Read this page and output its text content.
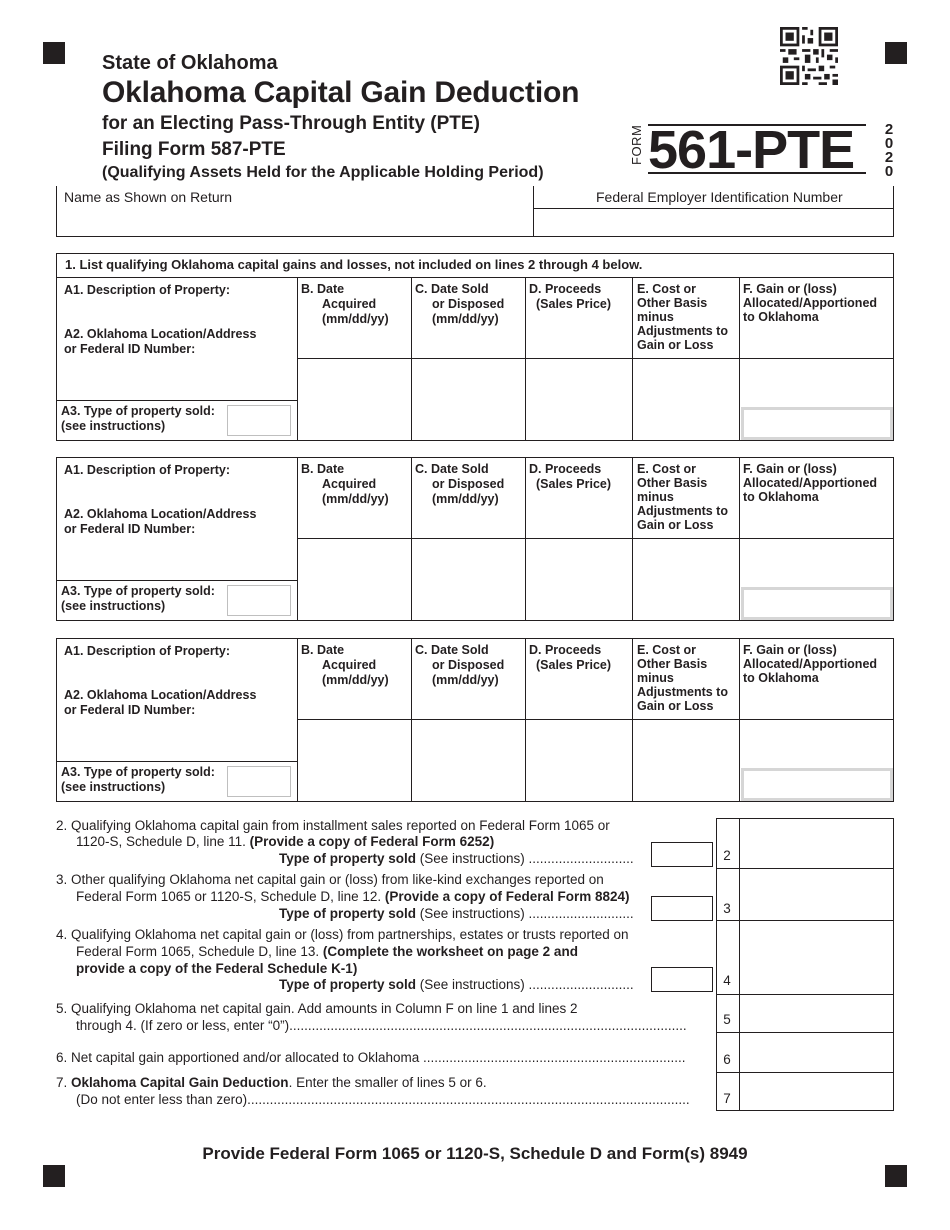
State of Oklahoma
Oklahoma Capital Gain Deduction
for an Electing Pass-Through Entity (PTE)
Filing Form 587-PTE
(Qualifying Assets Held for the Applicable Holding Period)
FORM 561-PTE 2
0
2
0
Name as Shown on Return	Federal Employer Identification Number
1. List qualifying Oklahoma capital gains and losses, not included on lines 2 through 4 below.
A1. Description of Property:
A2. Oklahoma Location/Address
or Federal ID Number:
A3. Type of property sold:
(see instructions)
B. Date
Acquired
(mm/dd/yy)
C. Date Sold
or Disposed
(mm/dd/yy)
D. Proceeds
(Sales Price)
E. Cost or
Other Basis
minus
Adjustments to
Gain or Loss
F. Gain or (loss)
Allocated/Apportioned
to Oklahoma
A1. Description of Property:
A2. Oklahoma Location/Address
or Federal ID Number:
A3. Type of property sold:
(see instructions)
B. Date
Acquired
(mm/dd/yy)
C. Date Sold
or Disposed
(mm/dd/yy)
D. Proceeds
(Sales Price)
E. Cost or
Other Basis
minus
Adjustments to
Gain or Loss
F. Gain or (loss)
Allocated/Apportioned
to Oklahoma
A1. Description of Property:
A2. Oklahoma Location/Address
or Federal ID Number:
A3. Type of property sold:
(see instructions)
B. Date
Acquired
(mm/dd/yy)
C. Date Sold
or Disposed
(mm/dd/yy)
D. Proceeds
(Sales Price)
E. Cost or
Other Basis
minus
Adjustments to
Gain or Loss
F. Gain or (loss)
Allocated/Apportioned
to Oklahoma
2
3
4
5
6
7
2. Qualifying Oklahoma capital gain from installment sales reported on Federal Form 1065 or
1120-S, Schedule D, line 11. (Provide a copy of Federal Form 6252)
Type of property sold (See instructions) ............................
3. Other qualifying Oklahoma net capital gain or (loss) from like-kind exchanges reported on
Federal Form 1065 or 1120-S, Schedule D, line 12. (Provide a copy of Federal Form 8824)
Type of property sold (See instructions) ............................
4. Qualifying Oklahoma net capital gain or (loss) from partnerships, estates or trusts reported on
Federal Form 1065, Schedule D, line 13. (Complete the worksheet on page 2 and
provide a copy of the Federal Schedule K-1)
Type of property sold (See instructions) ............................
5. Qualifying Oklahoma net capital gain. Add amounts in Column F on line 1 and lines 2
through 4. (If zero or less, enter “0”)..........................................................................................................
6. Net capital gain apportioned and/or allocated to Oklahoma ......................................................................
7. Oklahoma Capital Gain Deduction. Enter the smaller of lines 5 or 6.
(Do not enter less than zero)......................................................................................................................
Provide Federal Form 1065 or 1120-S, Schedule D and Form(s) 8949
